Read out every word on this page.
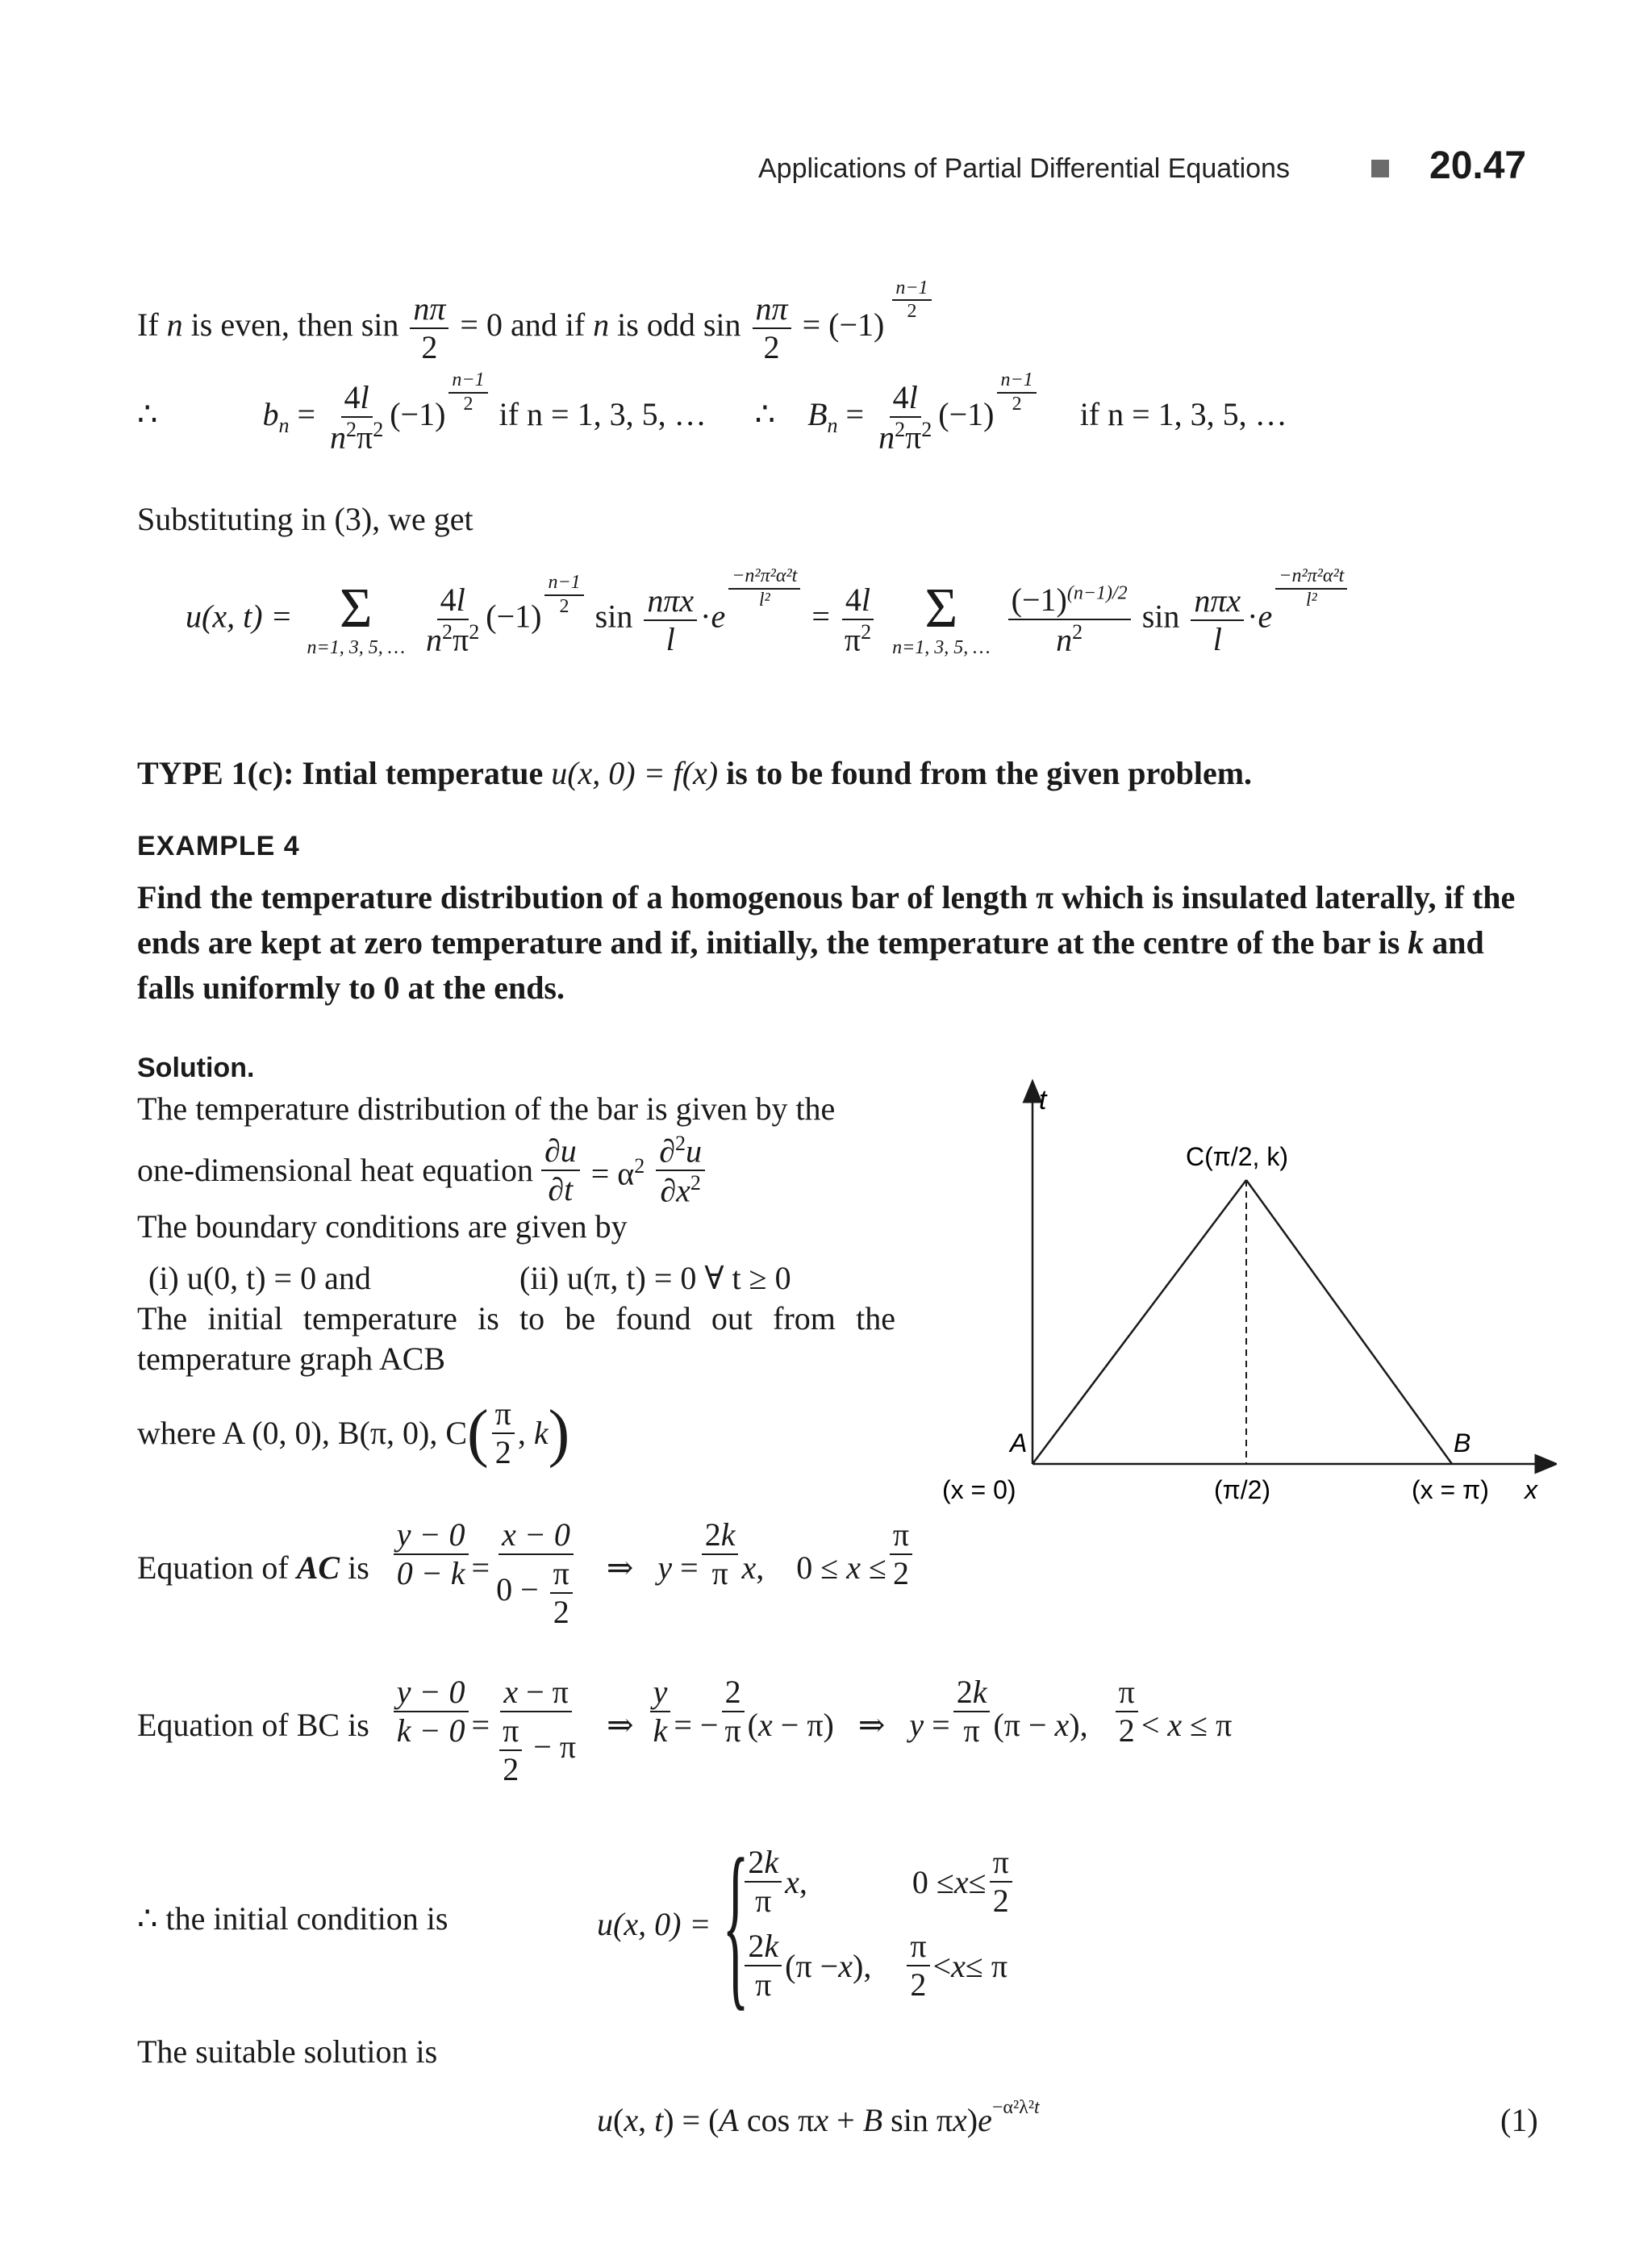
Applications of Partial Differential Equations	20.47
If n is even, then $\sin \frac{n\pi}{2} = 0$ and if n is odd $\sin \frac{n\pi}{2} = (-1)$
$^{\frac{n-1}{2}}$
∴	$b_n = \frac{4l}{n^2\pi^2} (-1)$ $^{\frac{n-1}{2}}$ if n = 1, 3, 5, … ∴ $B_n = \frac{4l}{n^2\pi^2} (-1)$ $^{\frac{n-1}{2}}$ if n = 1, 3, 5, …
Substituting in (3), we get
u(x, t) = Σ
n=1, 3, 5, …
$\frac{4l}{n^2\pi^2} (-1)$ $^{\frac{n-1}{2}}$ $\sin \frac{\text{nπx}}{l} \cdot e$
$^{\frac{\text{−n²π²α²t}}{\text{l²}}}$
= $\frac{4l}{\pi^2}$
Σ
n=1, 3, 5, …
$\frac{(-1)^{(n-1)/2}}{n^2}$ $\sin \frac{\text{nπx}}{l} \cdot e$
$^{\frac{\text{−n²π²α²t}}{\text{l²}}}$
TYPE 1(c): Intial temperatue u(x, 0) = f(x) is to be found from the given problem.
EXAMPLE 4
Find the temperature distribution of a homogenous bar of length π which is insulated laterally, if the ends are kept at zero temperature and if, initially, the temperature at the centre of the bar is k and falls uniformly to 0 at the ends.
Solution.
The temperature distribution of the bar is given by the
one-dimensional heat equation $\frac{\partial u}{\partial t} = \alpha^2 \frac{\partial^2u}{\partial x^2}$
The boundary conditions are given by
(i) u(0, t) = 0 and	(ii) u(π, t) = 0 ∀ t ≥ 0
The initial temperature is to be found out from the temperature graph ACB
where A (0, 0), B(π, 0), C ( $\frac{\pi}{2}$ , k )
t
C(π/2, k)
A	B
(x = 0)	(π/2)	(x = π) x
Equation of AC is $\frac{y - 0}{0 - k} = \frac{x - 0}{0 - \frac{\pi}{2}}$ ⇒   $y = \frac{2k}{\pi} x$,    $0 \le x \le \frac{\pi}{2}$
Equation of BC is $\frac{y - 0}{k - 0} = \frac{x - \pi}{\frac{\pi}{2} - \pi}$ ⇒ $\frac{y}{k}$ = − $\frac{2}{\pi} (x - \pi)$   ⇒   $y = \frac{2k}{\pi} (\pi - x)$, $\frac{\pi}{2} < x \le \pi$
∴ the initial condition is	u(x, 0) = {
$\frac{2k}{\pi}$ x ,	$0 \le x \le \frac{\pi}{2}$
$\frac{2k}{\pi} (\pi - x$ ), $\frac{\pi}{2} < x \le \pi$
The suitable solution is
u(x, t) = (A cos πx + B $\sin \pi x)e^{-\alpha^2\lambda^2t}$	(1)
